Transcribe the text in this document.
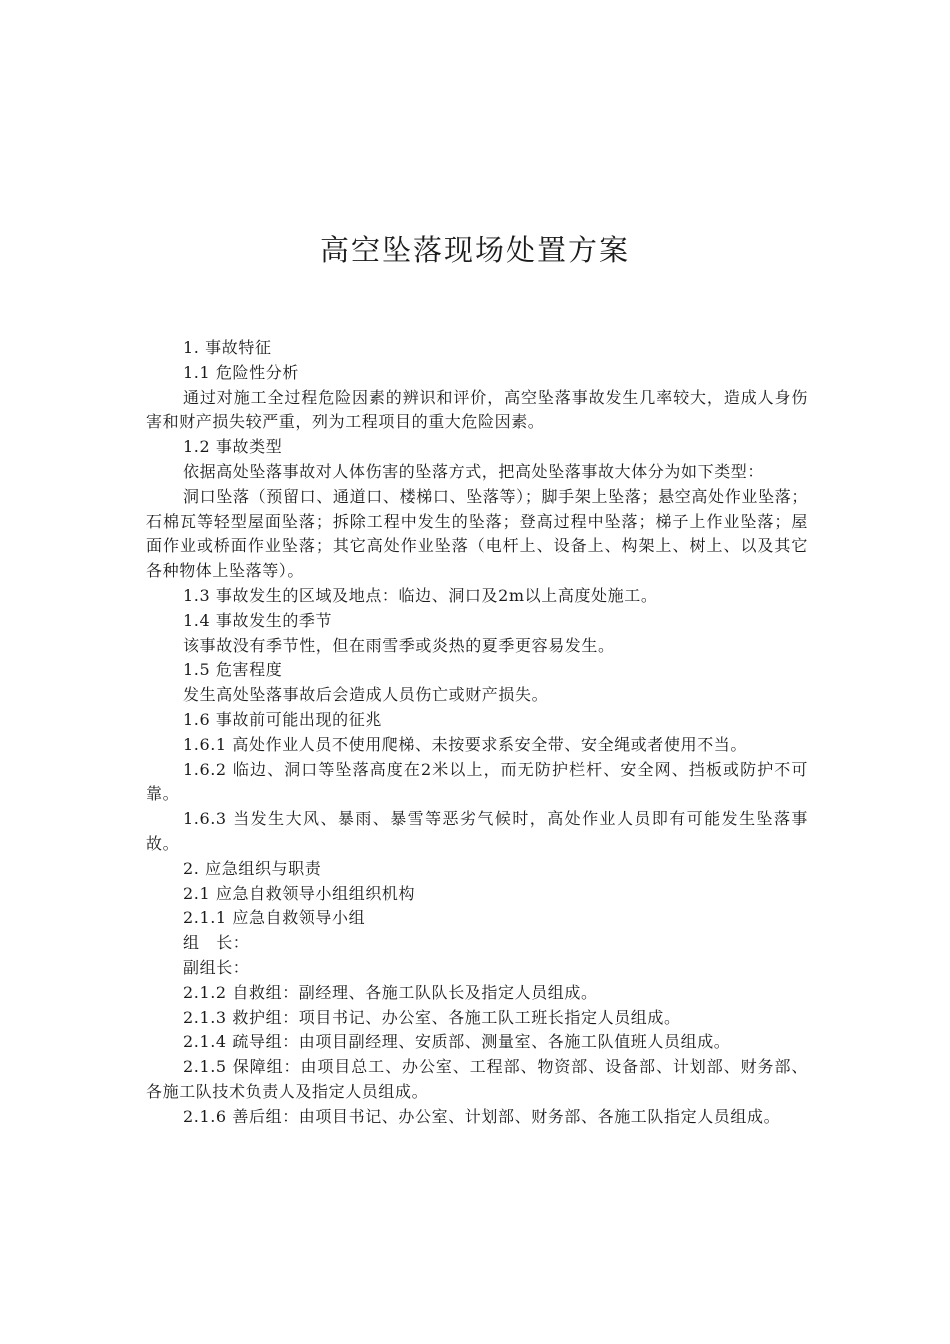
高空坠落现场处置方案

1. 事故特征

1.1 危险性分析

通过对施工全过程危险因素的辨识和评价，高空坠落事故发生几率较大，造成人身伤害和财产损失较严重，列为工程项目的重大危险因素。

1.2 事故类型

依据高处坠落事故对人体伤害的坠落方式，把高处坠落事故大体分为如下类型：

洞口坠落（预留口、通道口、楼梯口、坠落等）；脚手架上坠落；悬空高处作业坠落； 石棉瓦等轻型屋面坠落；拆除工程中发生的坠落；登高过程中坠落；梯子上作业坠落；屋面作业或桥面作业坠落；其它高处作业坠落（电杆上、设备上、构架上、树上、以及其它各种物体上坠落等）。

1.3 事故发生的区域及地点：临边、洞口及2m以上高度处施工。

1.4 事故发生的季节

该事故没有季节性，但在雨雪季或炎热的夏季更容易发生。

1.5 危害程度

发生高处坠落事故后会造成人员伤亡或财产损失。

1.6 事故前可能出现的征兆

1.6.1 高处作业人员不使用爬梯、未按要求系安全带、安全绳或者使用不当。

1.6.2 临边、洞口等坠落高度在2米以上，而无防护栏杆、安全网、挡板或防护不可靠。

1.6.3 当发生大风、暴雨、暴雪等恶劣气候时，高处作业人员即有可能发生坠落事故。

2. 应急组织与职责

2.1 应急自救领导小组组织机构

2.1.1 应急自救领导小组

组　长：

副组长：

2.1.2 自救组：副经理、各施工队队长及指定人员组成。

2.1.3 救护组：项目书记、办公室、各施工队工班长指定人员组成。

2.1.4 疏导组：由项目副经理、安质部、测量室、各施工队值班人员组成。

2.1.5 保障组：由项目总工、办公室、工程部、物资部、设备部、计划部、财务部、各施工队技术负责人及指定人员组成。

2.1.6 善后组：由项目书记、办公室、计划部、财务部、各施工队指定人员组成。
